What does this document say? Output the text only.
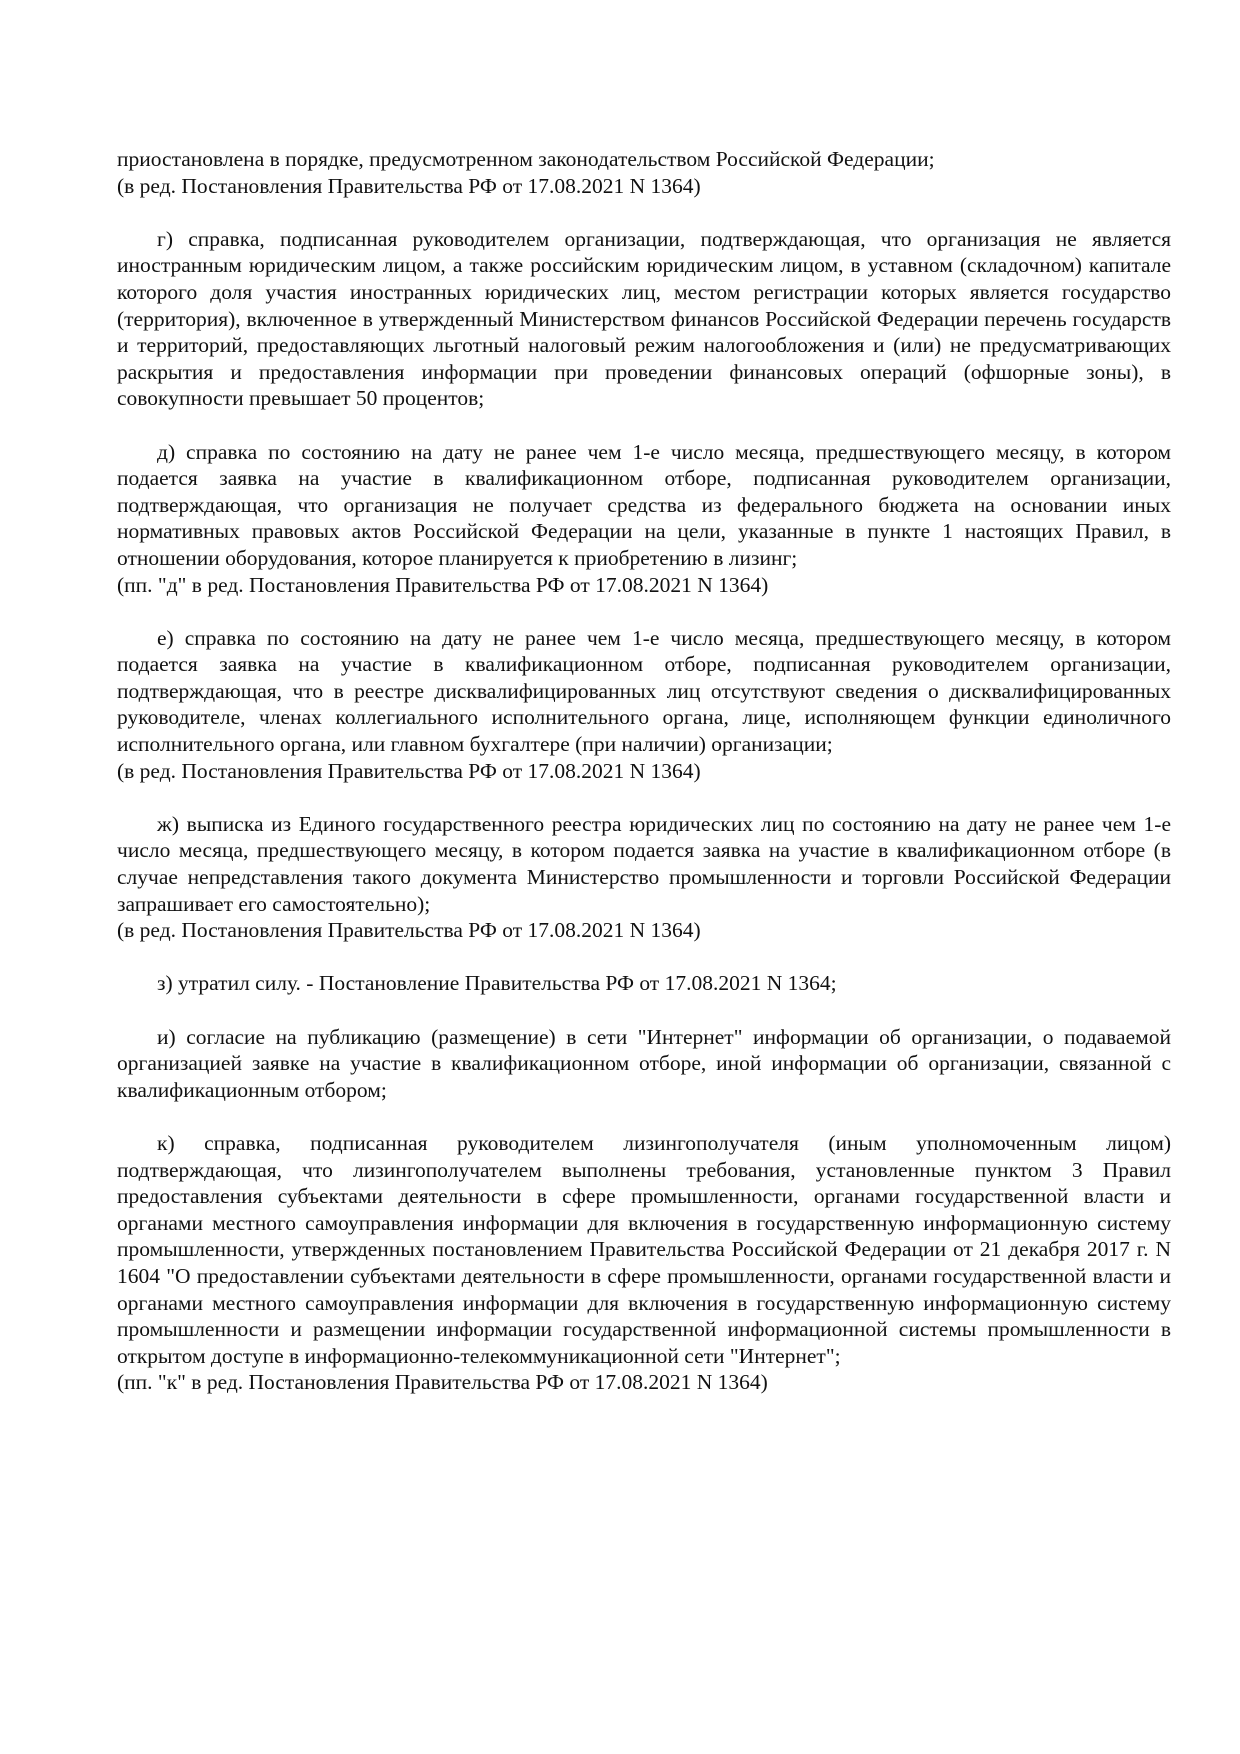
приостановлена в порядке, предусмотренном законодательством Российской Федерации;

(в ред. Постановления Правительства РФ от 17.08.2021 N 1364)

г) справка, подписанная руководителем организации, подтверждающая, что организация не является иностранным юридическим лицом, а также российским юридическим лицом, в уставном (складочном) капитале которого доля участия иностранных юридических лиц, местом регистрации которых является государство (территория), включенное в утвержденный Министерством финансов Российской Федерации перечень государств и территорий, предоставляющих льготный налоговый режим налогообложения и (или) не предусматривающих раскрытия и предоставления информации при проведении финансовых операций (офшорные зоны), в совокупности превышает 50 процентов;

д) справка по состоянию на дату не ранее чем 1-е число месяца, предшествующего месяцу, в котором подается заявка на участие в квалификационном отборе, подписанная руководителем организации, подтверждающая, что организация не получает средства из федерального бюджета на основании иных нормативных правовых актов Российской Федерации на цели, указанные в пункте 1 настоящих Правил, в отношении оборудования, которое планируется к приобретению в лизинг;

(пп. "д" в ред. Постановления Правительства РФ от 17.08.2021 N 1364)

е) справка по состоянию на дату не ранее чем 1-е число месяца, предшествующего месяцу, в котором подается заявка на участие в квалификационном отборе, подписанная руководителем организации, подтверждающая, что в реестре дисквалифицированных лиц отсутствуют сведения о дисквалифицированных руководителе, членах коллегиального исполнительного органа, лице, исполняющем функции единоличного исполнительного органа, или главном бухгалтере (при наличии) организации;

(в ред. Постановления Правительства РФ от 17.08.2021 N 1364)

ж) выписка из Единого государственного реестра юридических лиц по состоянию на дату не ранее чем 1-е число месяца, предшествующего месяцу, в котором подается заявка на участие в квалификационном отборе (в случае непредставления такого документа Министерство промышленности и торговли Российской Федерации запрашивает его самостоятельно);

(в ред. Постановления Правительства РФ от 17.08.2021 N 1364)

з) утратил силу. - Постановление Правительства РФ от 17.08.2021 N 1364;

и) согласие на публикацию (размещение) в сети "Интернет" информации об организации, о подаваемой организацией заявке на участие в квалификационном отборе, иной информации об организации, связанной с квалификационным отбором;

к) справка, подписанная руководителем лизингополучателя (иным уполномоченным лицом) подтверждающая, что лизингополучателем выполнены требования, установленные пунктом 3 Правил предоставления субъектами деятельности в сфере промышленности, органами государственной власти и органами местного самоуправления информации для включения в государственную информационную систему промышленности, утвержденных постановлением Правительства Российской Федерации от 21 декабря 2017 г. N 1604 "О предоставлении субъектами деятельности в сфере промышленности, органами государственной власти и органами местного самоуправления информации для включения в государственную информационную систему промышленности и размещении информации государственной информационной системы промышленности в открытом доступе в информационно-телекоммуникационной сети "Интернет";

(пп. "к" в ред. Постановления Правительства РФ от 17.08.2021 N 1364)
